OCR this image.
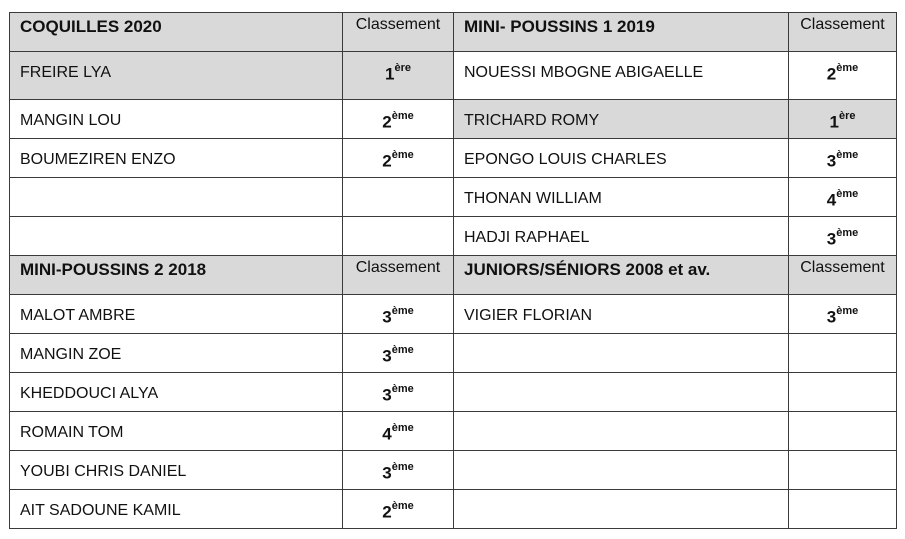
COQUILLES 2020	Classement	MINI- POUSSINS 1 2019	Classement

FREIRE LYA	1ère	NOUESSI MBOGNE ABIGAELLE	2ème

MANGIN LOU	2ème	TRICHARD ROMY	1ère

BOUMEZIREN ENZO	2ème	EPONGO LOUIS CHARLES	3ème

		THONAN WILLIAM	4ème

		HADJI RAPHAEL	3ème

MINI-POUSSINS 2 2018	Classement	JUNIORS/SÉNIORS 2008 et av.	Classement

MALOT AMBRE	3ème	VIGIER FLORIAN	3ème

MANGIN ZOE	3ème

KHEDDOUCI ALYA	3ème

ROMAIN TOM	4ème

YOUBI CHRIS DANIEL	3ème

AIT SADOUNE KAMIL	2ème
